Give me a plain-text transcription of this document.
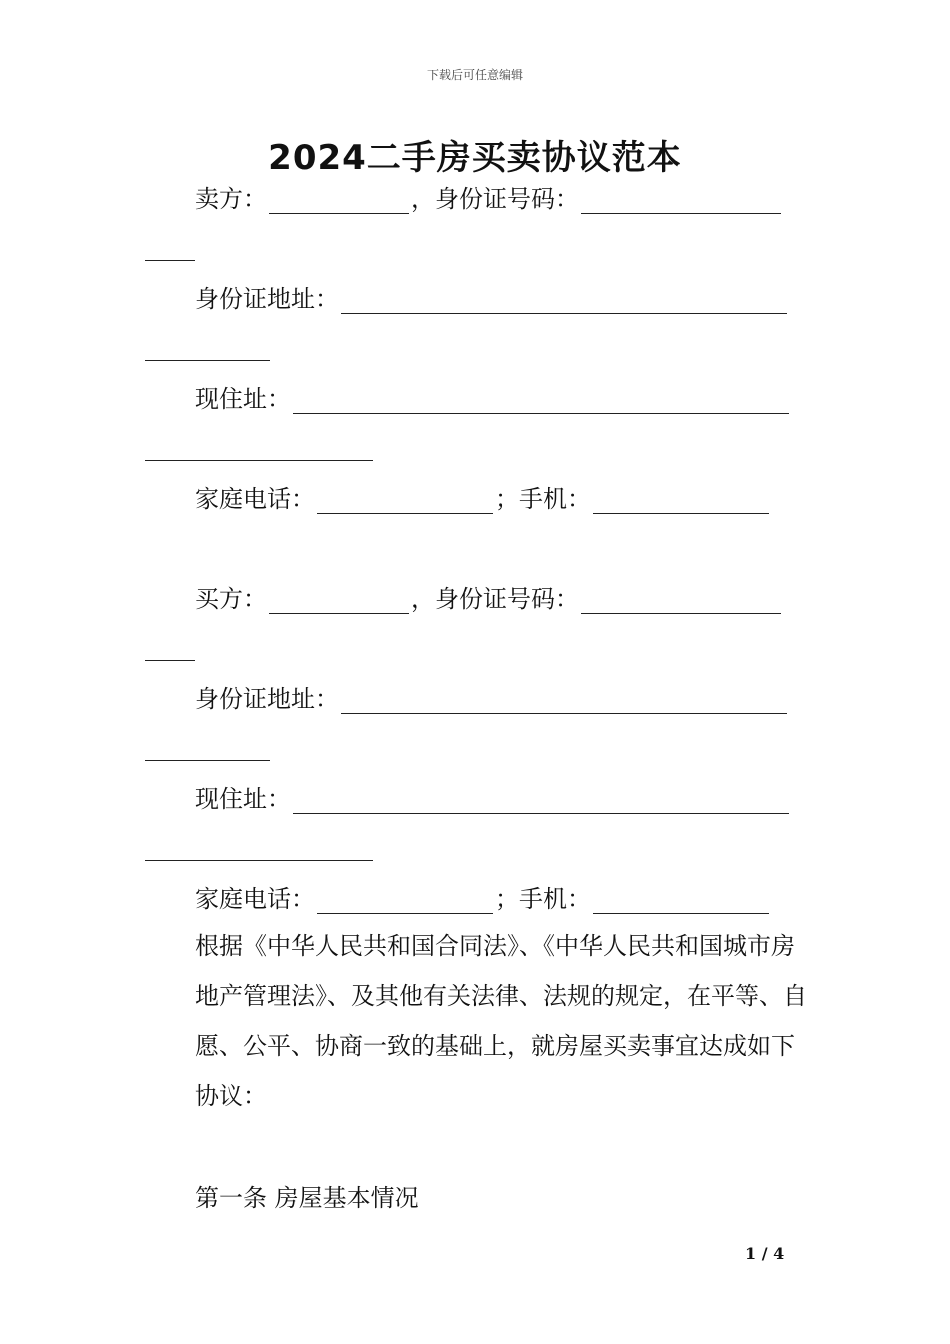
下载后可任意编辑
2024二手房买卖协议范本
卖方：	，身份证号码：
身份证地址：
现住址：
家庭电话：	；手机：
买方：	，身份证号码：
身份证地址：
现住址：
家庭电话：	；手机：
根据《中华人民共和国合同法》、《中华人民共和国城市房地产管理法》、及其他有关法律、法规的规定，在平等、自愿、公平、协商一致的基础上，就房屋买卖事宜达成如下协议：
第一条 房屋基本情况
1 / 4
